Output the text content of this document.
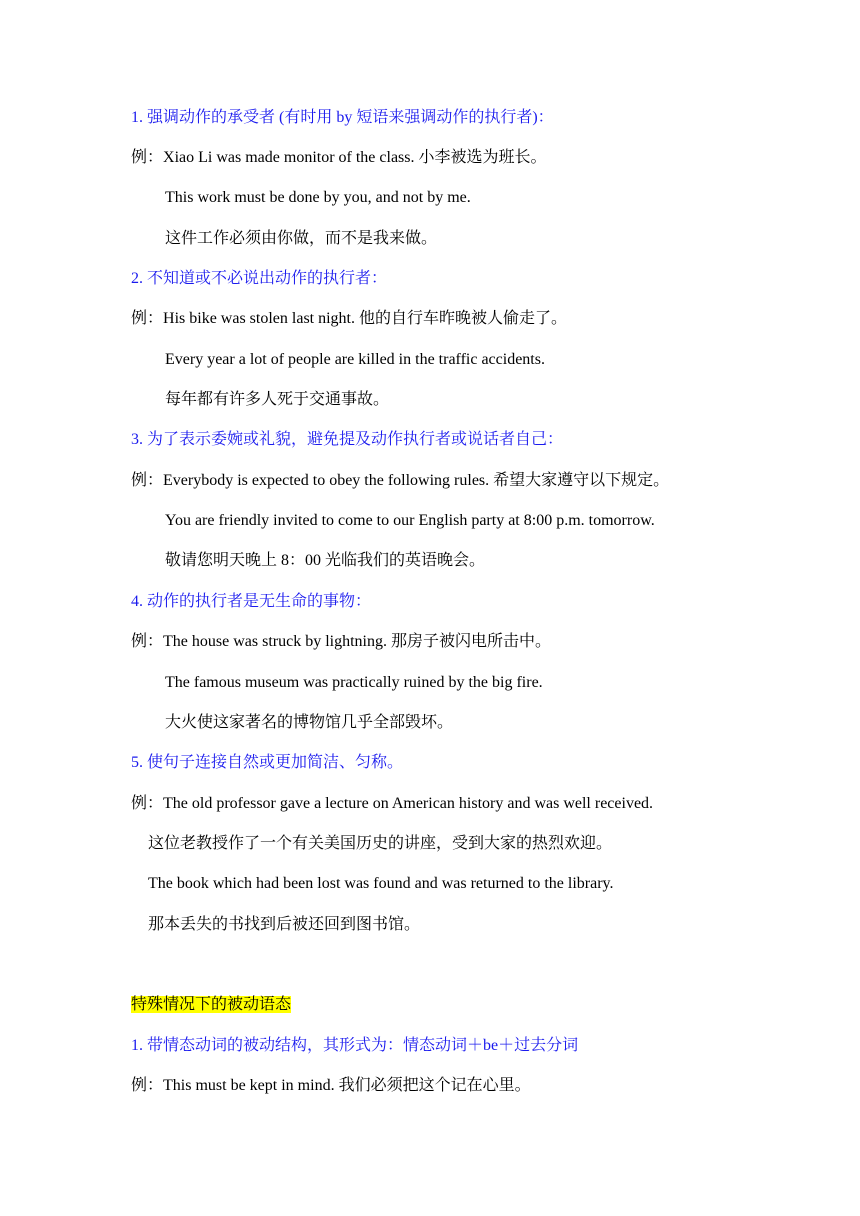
1. 强调动作的承受者 (有时用 by 短语来强调动作的执行者)：
例：Xiao Li was made monitor of the class. 小李被选为班长。
This work must be done by you, and not by me.
这件工作必须由你做，而不是我来做。
2. 不知道或不必说出动作的执行者：
例：His bike was stolen last night. 他的自行车昨晚被人偷走了。
Every year a lot of people are killed in the traffic accidents.
每年都有许多人死于交通事故。
3. 为了表示委婉或礼貌，避免提及动作执行者或说话者自己：
例：Everybody is expected to obey the following rules. 希望大家遵守以下规定。
You are friendly invited to come to our English party at 8:00 p.m. tomorrow.
敬请您明天晚上 8：00 光临我们的英语晚会。
4. 动作的执行者是无生命的事物：
例：The house was struck by lightning. 那房子被闪电所击中。
The famous museum was practically ruined by the big fire.
大火使这家著名的博物馆几乎全部毁坏。
5. 使句子连接自然或更加简洁、匀称。
例：The old professor gave a lecture on American history and was well received.
这位老教授作了一个有关美国历史的讲座，受到大家的热烈欢迎。
The book which had been lost was found and was returned to the library.
那本丢失的书找到后被还回到图书馆。
特殊情况下的被动语态
1. 带情态动词的被动结构，其形式为：情态动词＋be＋过去分词
例：This must be kept in mind. 我们必须把这个记在心里。
